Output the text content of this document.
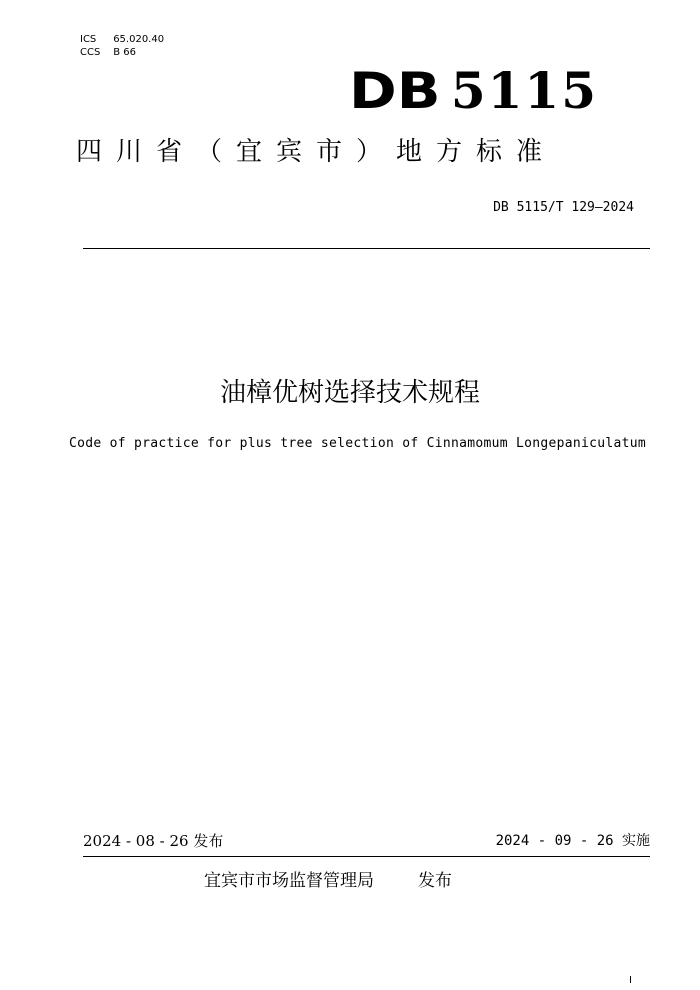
ICS 65.020.40
CCS B 66
DB 5115
四川省（宜宾市）地方标准
DB 5115/T 129—2024
油樟优树选择技术规程
Code of practice for plus tree selection of Cinnamomum Longepaniculatum
2024 - 08 - 26 发布	2024 - 09 - 26 实施
宜宾市市场监督管理局	发布
I
